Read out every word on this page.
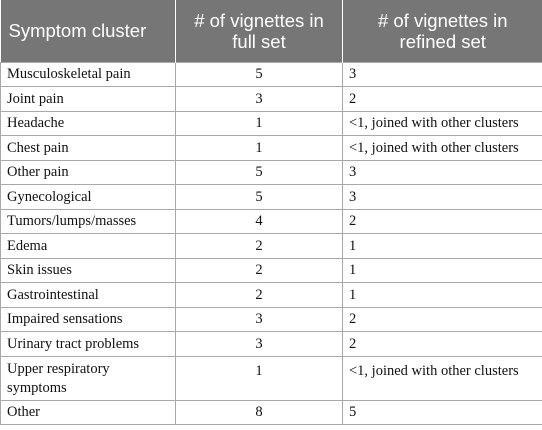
Symptom cluster	# of vignettes in full set	# of vignettes in refined set
Musculoskeletal pain	5	3
Joint pain	3	2
Headache	1	<1, joined with other clusters
Chest pain	1	<1, joined with other clusters
Other pain	5	3
Gynecological	5	3
Tumors/lumps/masses	4	2
Edema	2	1
Skin issues	2	1
Gastrointestinal	2	1
Impaired sensations	3	2
Urinary tract problems	3	2
Upper respiratory symptoms	1	<1, joined with other clusters
Other	8	5
